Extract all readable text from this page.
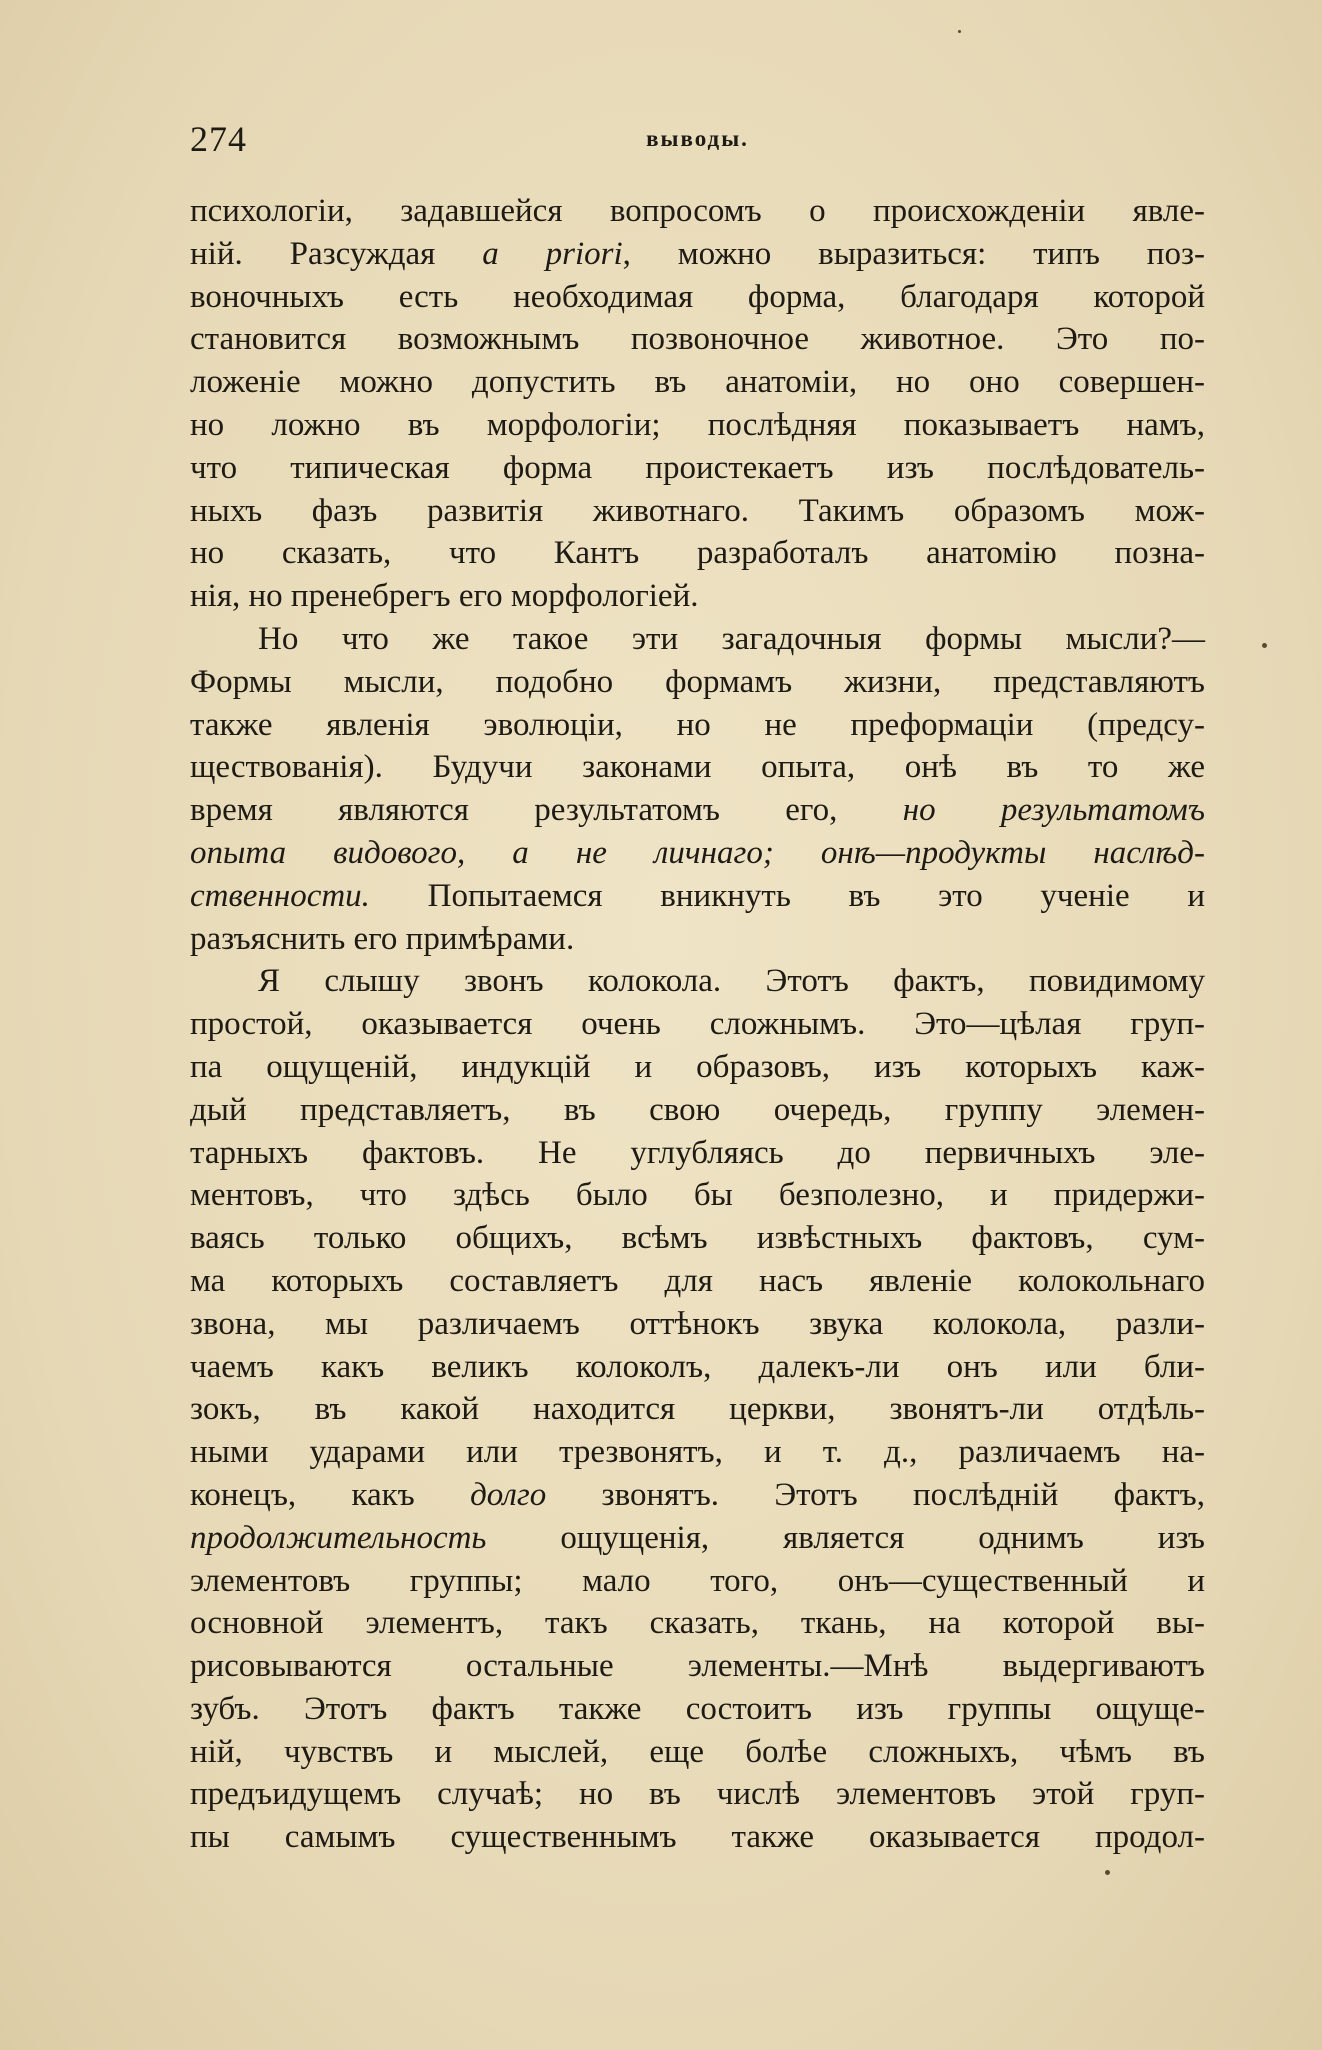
274	выводы.
психологіи, задавшейся вопросомъ о происхожденіи явле-
ній. Разсуждая a priori, можно выразиться: типъ поз-
воночныхъ есть необходимая форма, благодаря которой
становится возможнымъ позвоночное животное. Это по-
ложеніе можно допустить въ анатоміи, но оно совершен-
но ложно въ морфологіи; послѣдняя показываетъ намъ,
что типическая форма проистекаетъ изъ послѣдователь-
ныхъ фазъ развитія животнаго. Такимъ образомъ мож-
но сказать, что Кантъ разработалъ анатомію позна-
нія, но пренебрегъ его морфологіей.
Но что же такое эти загадочныя формы мысли?—
Формы мысли, подобно формамъ жизни, представляютъ
также явленія эволюціи, но не преформаціи (предсу-
ществованія). Будучи законами опыта, онѣ въ то же
время являются результатомъ его, но результатомъ
опыта видового, а не личнаго; онѣ—продукты наслѣд-
ственности. Попытаемся вникнуть въ это ученіе и
разъяснить его примѣрами.
Я слышу звонъ колокола. Этотъ фактъ, повидимому
простой, оказывается очень сложнымъ. Это—цѣлая груп-
па ощущеній, индукцій и образовъ, изъ которыхъ каж-
дый представляетъ, въ свою очередь, группу элемен-
тарныхъ фактовъ. Не углубляясь до первичныхъ эле-
ментовъ, что здѣсь было бы безполезно, и придержи-
ваясь только общихъ, всѣмъ извѣстныхъ фактовъ, сум-
ма которыхъ составляетъ для насъ явленіе колокольнаго
звона, мы различаемъ оттѣнокъ звука колокола, разли-
чаемъ какъ великъ колоколъ, далекъ-ли онъ или бли-
зокъ, въ какой находится церкви, звонятъ-ли отдѣль-
ными ударами или трезвонятъ, и т. д., различаемъ на-
конецъ, какъ долго звонятъ. Этотъ послѣдній фактъ,
продолжительность ощущенія, является однимъ изъ
элементовъ группы; мало того, онъ—существенный и
основной элементъ, такъ сказать, ткань, на которой вы-
рисовываются остальные элементы.—Мнѣ выдергиваютъ
зубъ. Этотъ фактъ также состоитъ изъ группы ощуще-
ній, чувствъ и мыслей, еще болѣе сложныхъ, чѣмъ въ
предъидущемъ случаѣ; но въ числѣ элементовъ этой груп-
пы самымъ существеннымъ также оказывается продол-
